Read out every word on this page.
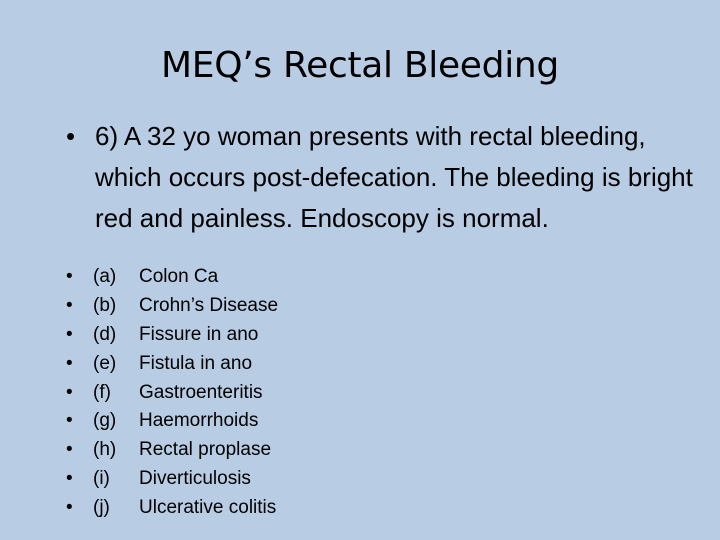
MEQ’s Rectal Bleeding
• 6) A 32 yo woman presents with rectal bleeding, which occurs post-defecation. The bleeding is bright red and painless. Endoscopy is normal.
•	(a)	Colon Ca
•	(b)	Crohn’s Disease
•	(d)	Fissure in ano
•	(e)	Fistula in ano
•	(f)	Gastroenteritis
•	(g)	Haemorrhoids
•	(h)	Rectal proplase
•	(i)	Diverticulosis
•	(j)	Ulcerative colitis
